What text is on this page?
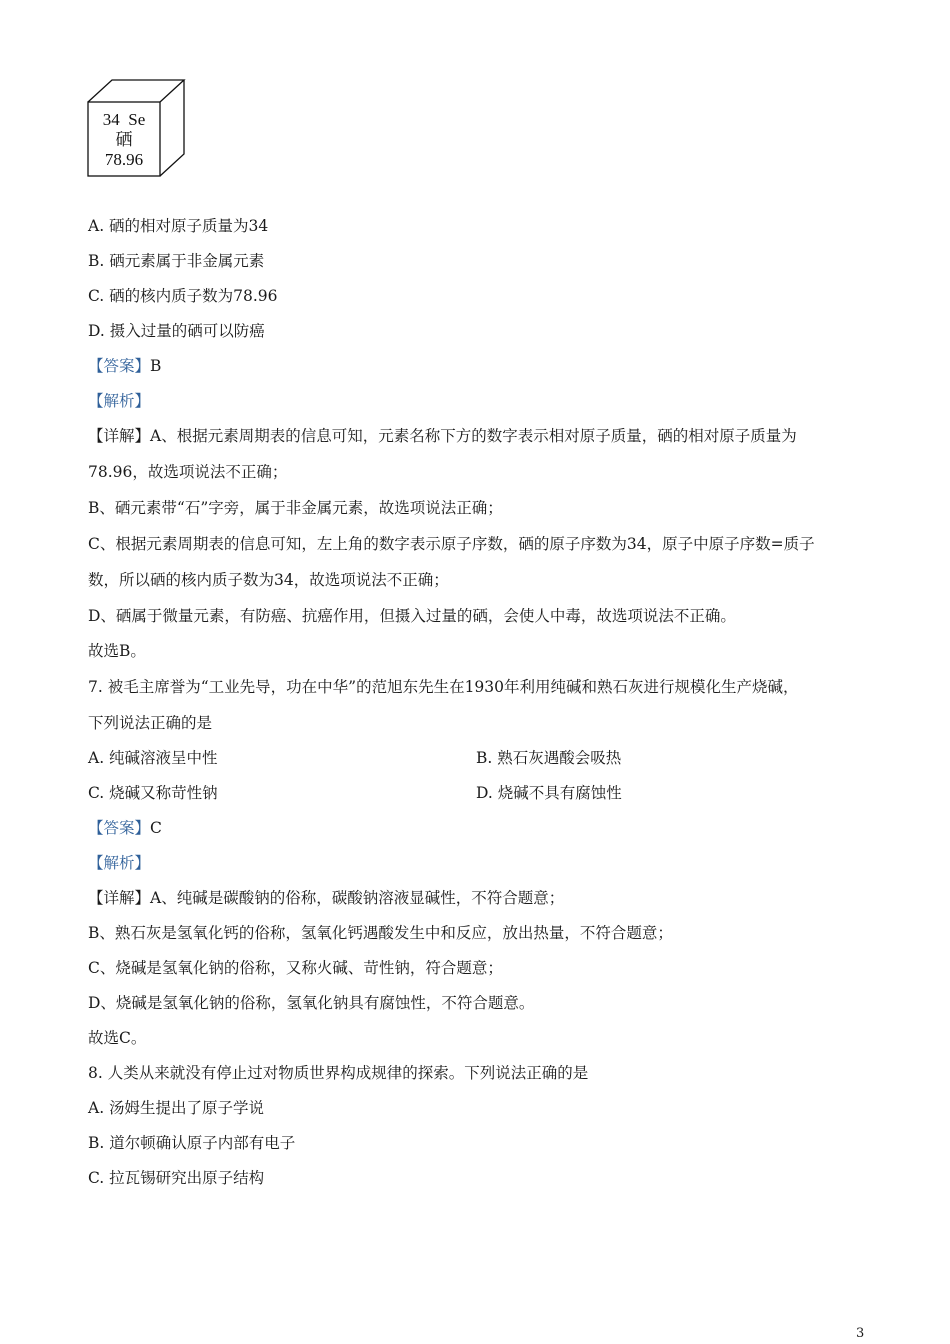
34 Se
硒
78.96
A. 硒的相对原子质量为34
B. 硒元素属于非金属元素
C. 硒的核内质子数为78.96
D. 摄入过量的硒可以防癌
【答案】B
【解析】
【详解】A、根据元素周期表的信息可知，元素名称下方的数字表示相对原子质量，硒的相对原子质量为
78.96，故选项说法不正确；
B、硒元素带“石”字旁，属于非金属元素，故选项说法正确；
C、根据元素周期表的信息可知，左上角的数字表示原子序数，硒的原子序数为34，原子中原子序数=质子
数，所以硒的核内质子数为34，故选项说法不正确；
D、硒属于微量元素，有防癌、抗癌作用，但摄入过量的硒，会使人中毒，故选项说法不正确。
故选B。
7. 被毛主席誉为“工业先导，功在中华”的范旭东先生在1930年利用纯碱和熟石灰进行规模化生产烧碱，
下列说法正确的是
A. 纯碱溶液呈中性	B. 熟石灰遇酸会吸热
C. 烧碱又称苛性钠	D. 烧碱不具有腐蚀性
【答案】C
【解析】
【详解】A、纯碱是碳酸钠的俗称，碳酸钠溶液显碱性，不符合题意；
B、熟石灰是氢氧化钙的俗称，氢氧化钙遇酸发生中和反应，放出热量，不符合题意；
C、烧碱是氢氧化钠的俗称，又称火碱、苛性钠，符合题意；
D、烧碱是氢氧化钠的俗称，氢氧化钠具有腐蚀性，不符合题意。
故选C。
8. 人类从来就没有停止过对物质世界构成规律的探索。下列说法正确的是
A. 汤姆生提出了原子学说
B. 道尔顿确认原子内部有电子
C. 拉瓦锡研究出原子结构
3
